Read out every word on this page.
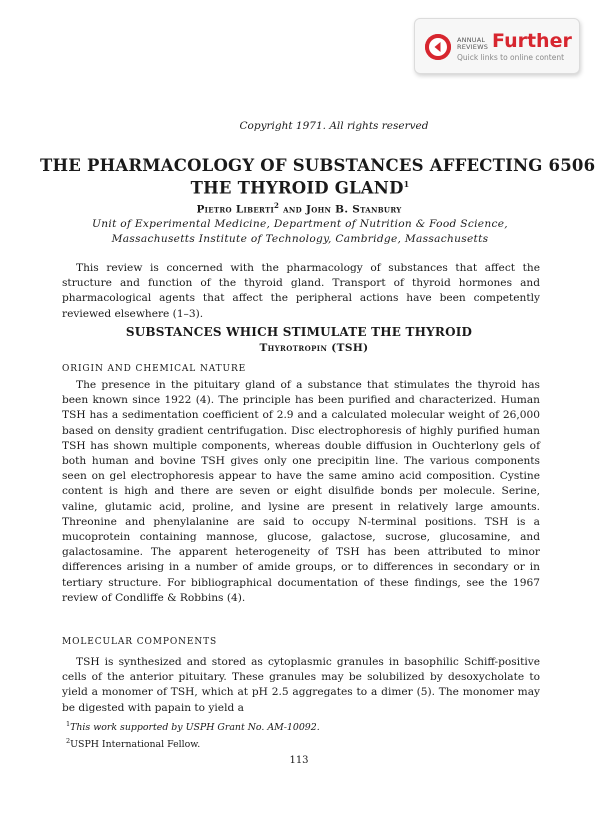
ANNUAL
REVIEWS Further
Quick links to online content
Copyright 1971. All rights reserved
THE PHARMACOLOGY OF SUBSTANCES AFFECTING 6506
THE THYROID GLAND$^1$
Pietro Liberti$^2$ and John B. Stanbury
Unit of Experimental Medicine, Department of Nutrition & Food Science,
Massachusetts Institute of Technology, Cambridge, Massachusetts

This review is concerned with the pharmacology of substances that affect the structure and function of the thyroid gland. Transport of thyroid hormones and pharmacological agents that affect the peripheral actions have been competently reviewed elsewhere (1–3).

SUBSTANCES WHICH STIMULATE THE THYROID
Thyrotropin (TSH)
ORIGIN AND CHEMICAL NATURE

The presence in the pituitary gland of a substance that stimulates the thyroid has been known since 1922 (4). The principle has been purified and characterized. Human TSH has a sedimentation coefficient of 2.9 and a calculated molecular weight of 26,000 based on density gradient centrifugation. Disc electrophoresis of highly purified human TSH has shown multiple components, whereas double diffusion in Ouchterlony gels of both human and bovine TSH gives only one precipitin line. The various components seen on gel electrophoresis appear to have the same amino acid composition. Cystine content is high and there are seven or eight disulfide bonds per molecule. Serine, valine, glutamic acid, proline, and lysine are present in relatively large amounts. Threonine and phenylalanine are said to occupy N-terminal positions. TSH is a mucoprotein containing mannose, glucose, galactose, sucrose, glucosamine, and galactosamine. The apparent heterogeneity of TSH has been attributed to minor differences arising in a number of amide groups, or to differences in secondary or in tertiary structure. For bibliographical documentation of these findings, see the 1967 review of Condliffe & Robbins (4).

MOLECULAR COMPONENTS

TSH is synthesized and stored as cytoplasmic granules in basophilic Schiff-positive cells of the anterior pituitary. These granules may be solubilized by desoxycholate to yield a monomer of TSH, which at pH 2.5 aggregates to a dimer (5). The monomer may be digested with papain to yield a

$^1$This work supported by USPH Grant No. AM-10092.
$^2$USPH International Fellow.
113
